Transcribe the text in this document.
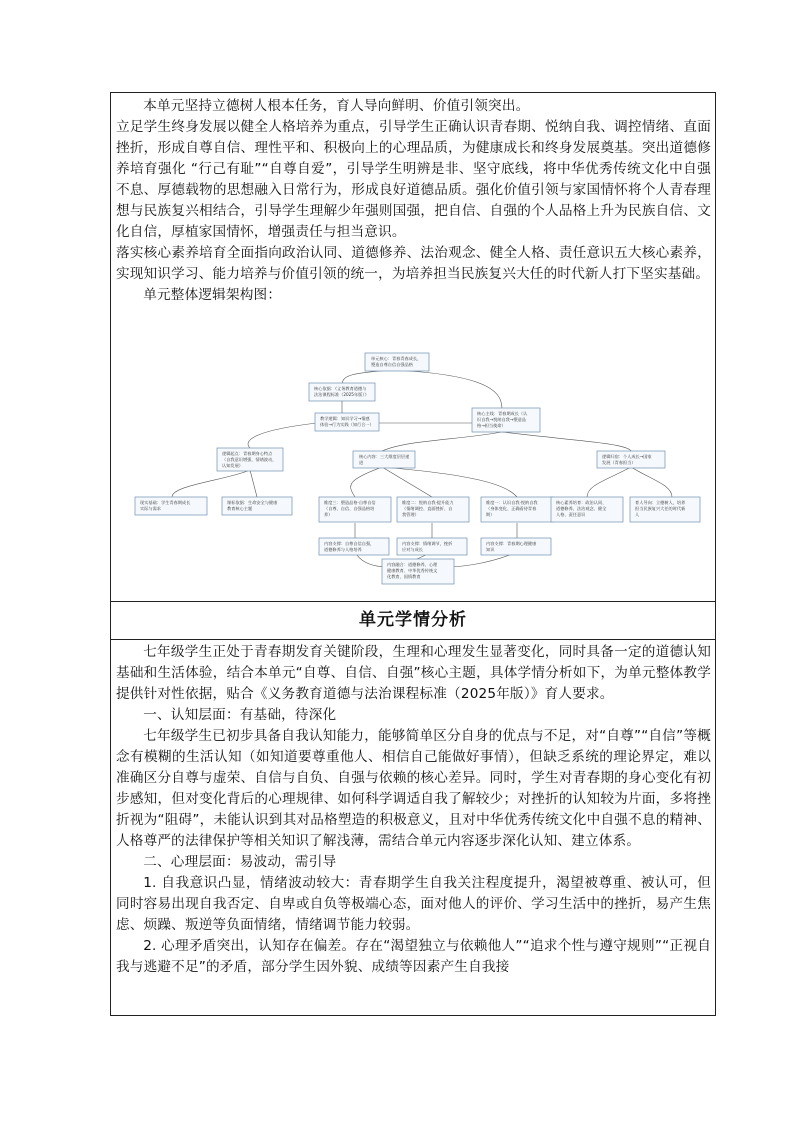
本单元坚持立德树人根本任务，育人导向鲜明、价值引领突出。

立足学生终身发展以健全人格培养为重点，引导学生正确认识青春期、悦纳自我、调控情绪、直面挫折，形成自尊自信、理性平和、积极向上的心理品质，为健康成长和终身发展奠基。突出道德修养培育强化 “行己有耻”“自尊自爱”，引导学生明辨是非、坚守底线，将中华优秀传统文化中自强不息、厚德载物的思想融入日常行为，形成良好道德品质。强化价值引领与家国情怀将个人青春理想与民族复兴相结合，引导学生理解少年强则国强，把自信、自强的个人品格上升为民族自信、文化自信，厚植家国情怀，增强责任与担当意识。

落实核心素养培育全面指向政治认同、道德修养、法治观念、健全人格、责任意识五大核心素养，实现知识学习、能力培养与价值引领的统一，为培养担当民族复兴大任的时代新人打下坚实基础。

单元整体逻辑架构图：

单元核心：青春青春成长，
塑造自尊自信自强品格
核心依据：《义务教育道德与
法治课程标准（2025年版）》
核心主线：青春期成长（认
识自我→悦纳自我→塑造品
格→担当使命）
教学逻辑：知识学习→情感
体验→行为实践（知行合一）
逻辑起点：青春期身心特点
（自我意识增强，情绪波动，
认知发展）
核心内容：三大维度层层递
进
逻辑归宿：个人成长→国家
发展（青春担当）
现实基础：学生青春期成长
实际与需求
课标依据：生命安全与健康
教育核心主题
维度三：塑造品格·自尊自信
（自尊、自信、自强品格培
养）
维度二：悦纳自我·提升能力
（情绪调控、直面挫折、自
我管理）
维度一：认识自我·悦纳自我
（身体变化、正确看待青春
期）
核心素养培育：政治认同、
道德修养、法治观念、健全
人格、责任意识
育人导向：立德树人，培养
担当民族复兴大任的时代新
人
内容支撑：自尊自信自强，
道德修养与人格培养
内容支撑：情绪调节，挫折
应对与成长
内容支撑：青春期心理健康
知识
内容融合：道德修养、心理
健康教育、中华优秀传统文
化教育、国情教育
单元学情分析

七年级学生正处于青春期发育关键阶段，生理和心理发生显著变化，同时具备一定的道德认知基础和生活体验，结合本单元“自尊、自信、自强”核心主题，具体学情分析如下，为单元整体教学提供针对性依据，贴合《义务教育道德与法治课程标准（2025年版）》育人要求。

一、认知层面：有基础，待深化

七年级学生已初步具备自我认知能力，能够简单区分自身的优点与不足，对“自尊”“自信”等概念有模糊的生活认知（如知道要尊重他人、相信自己能做好事情），但缺乏系统的理论界定，难以准确区分自尊与虚荣、自信与自负、自强与依赖的核心差异。同时，学生对青春期的身心变化有初步感知，但对变化背后的心理规律、如何科学调适自我了解较少；对挫折的认知较为片面，多将挫折视为“阻碍”，未能认识到其对品格塑造的积极意义，且对中华优秀传统文化中自强不息的精神、人格尊严的法律保护等相关知识了解浅薄，需结合单元内容逐步深化认知、建立体系。

二、心理层面：易波动，需引导

1. 自我意识凸显，情绪波动较大：青春期学生自我关注程度提升，渴望被尊重、被认可，但同时容易出现自我否定、自卑或自负等极端心态，面对他人的评价、学习生活中的挫折，易产生焦虑、烦躁、叛逆等负面情绪，情绪调节能力较弱。

2. 心理矛盾突出，认知存在偏差。存在“渴望独立与依赖他人”“追求个性与遵守规则”“正视自我与逃避不足”的矛盾，部分学生因外貌、成绩等因素产生自我接
